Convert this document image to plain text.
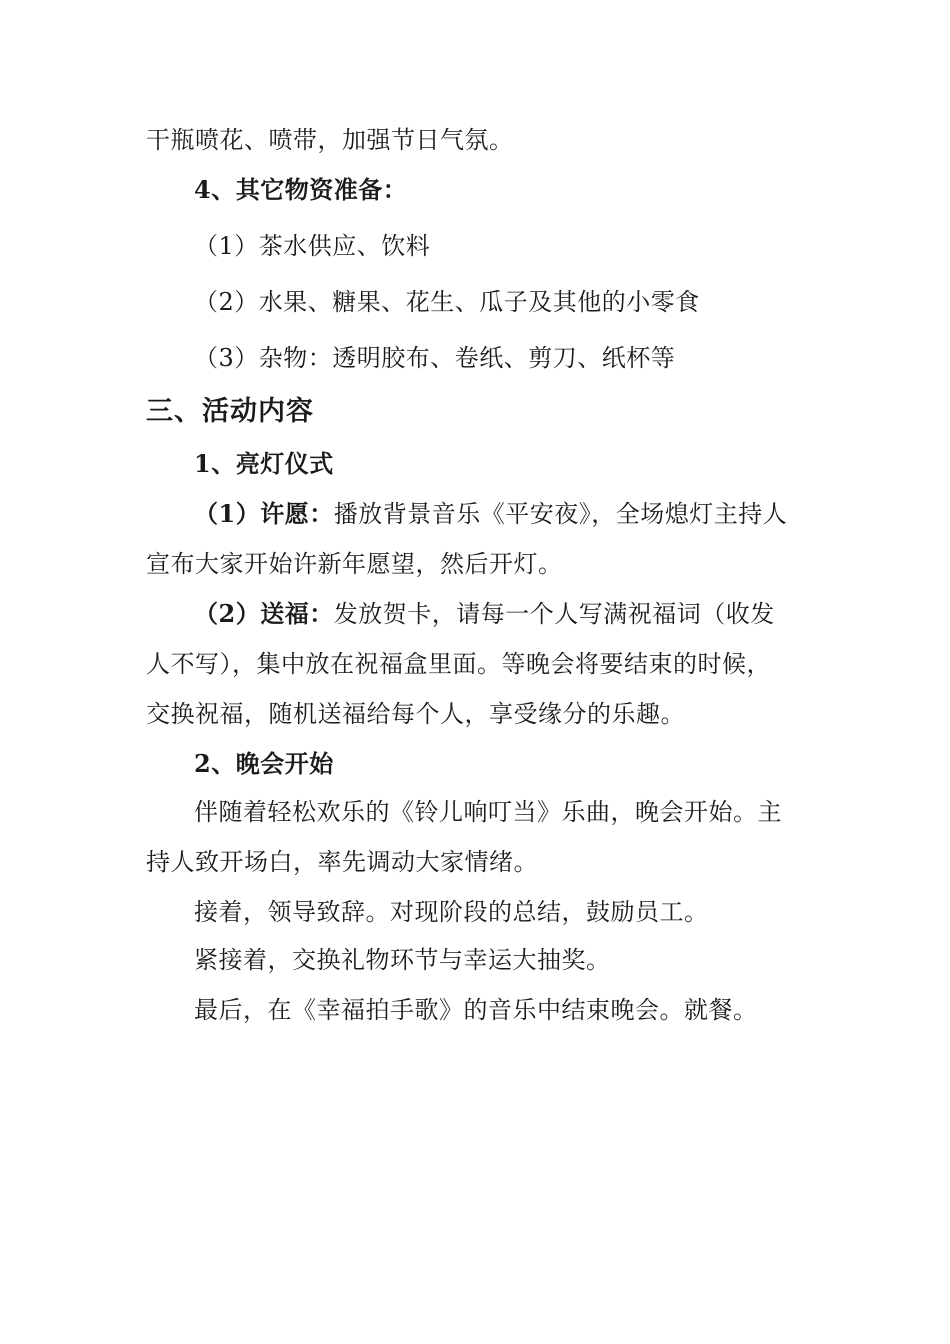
干瓶喷花、喷带，加强节日气氛。
4、其它物资准备：
（1）茶水供应、饮料
（2）水果、糖果、花生、瓜子及其他的小零食
（3）杂物：透明胶布、卷纸、剪刀、纸杯等
三、活动内容
1、亮灯仪式
（1）许愿：播放背景音乐《平安夜》，全场熄灯主持人
宣布大家开始许新年愿望，然后开灯。
（2）送福：发放贺卡，请每一个人写满祝福词（收发
人不写），集中放在祝福盒里面。等晚会将要结束的时候，
交换祝福，随机送福给每个人，享受缘分的乐趣。
2、晚会开始
伴随着轻松欢乐的《铃儿响叮当》乐曲，晚会开始。主
持人致开场白，率先调动大家情绪。
接着，领导致辞。对现阶段的总结，鼓励员工。
紧接着，交换礼物环节与幸运大抽奖。
最后，在《幸福拍手歌》的音乐中结束晚会。就餐。
